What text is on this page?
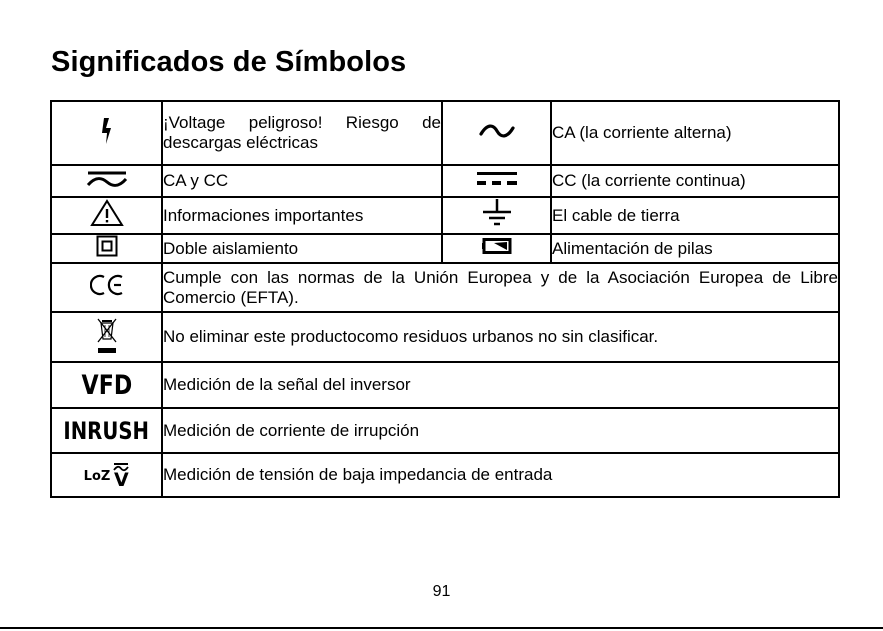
Significados de Símbolos
	¡Voltage peligroso! Riesgo de descargas eléctricas		CA (la corriente alterna)
	CA y CC		CC (la corriente continua)
	Informaciones importantes		El cable de tierra
	Doble aislamiento		Alimentación de pilas
	Cumple con las normas de la Unión Europea y de la Asociación Europea de Libre Comercio (EFTA).		
	No eliminar este productocomo residuos urbanos no sin clasificar.		
VFD	Medición de la señal del inversor		
INRUSH	Medición de corriente de irrupción		

LoZ V	Medición de tensión de baja impedancia de entrada		
91
